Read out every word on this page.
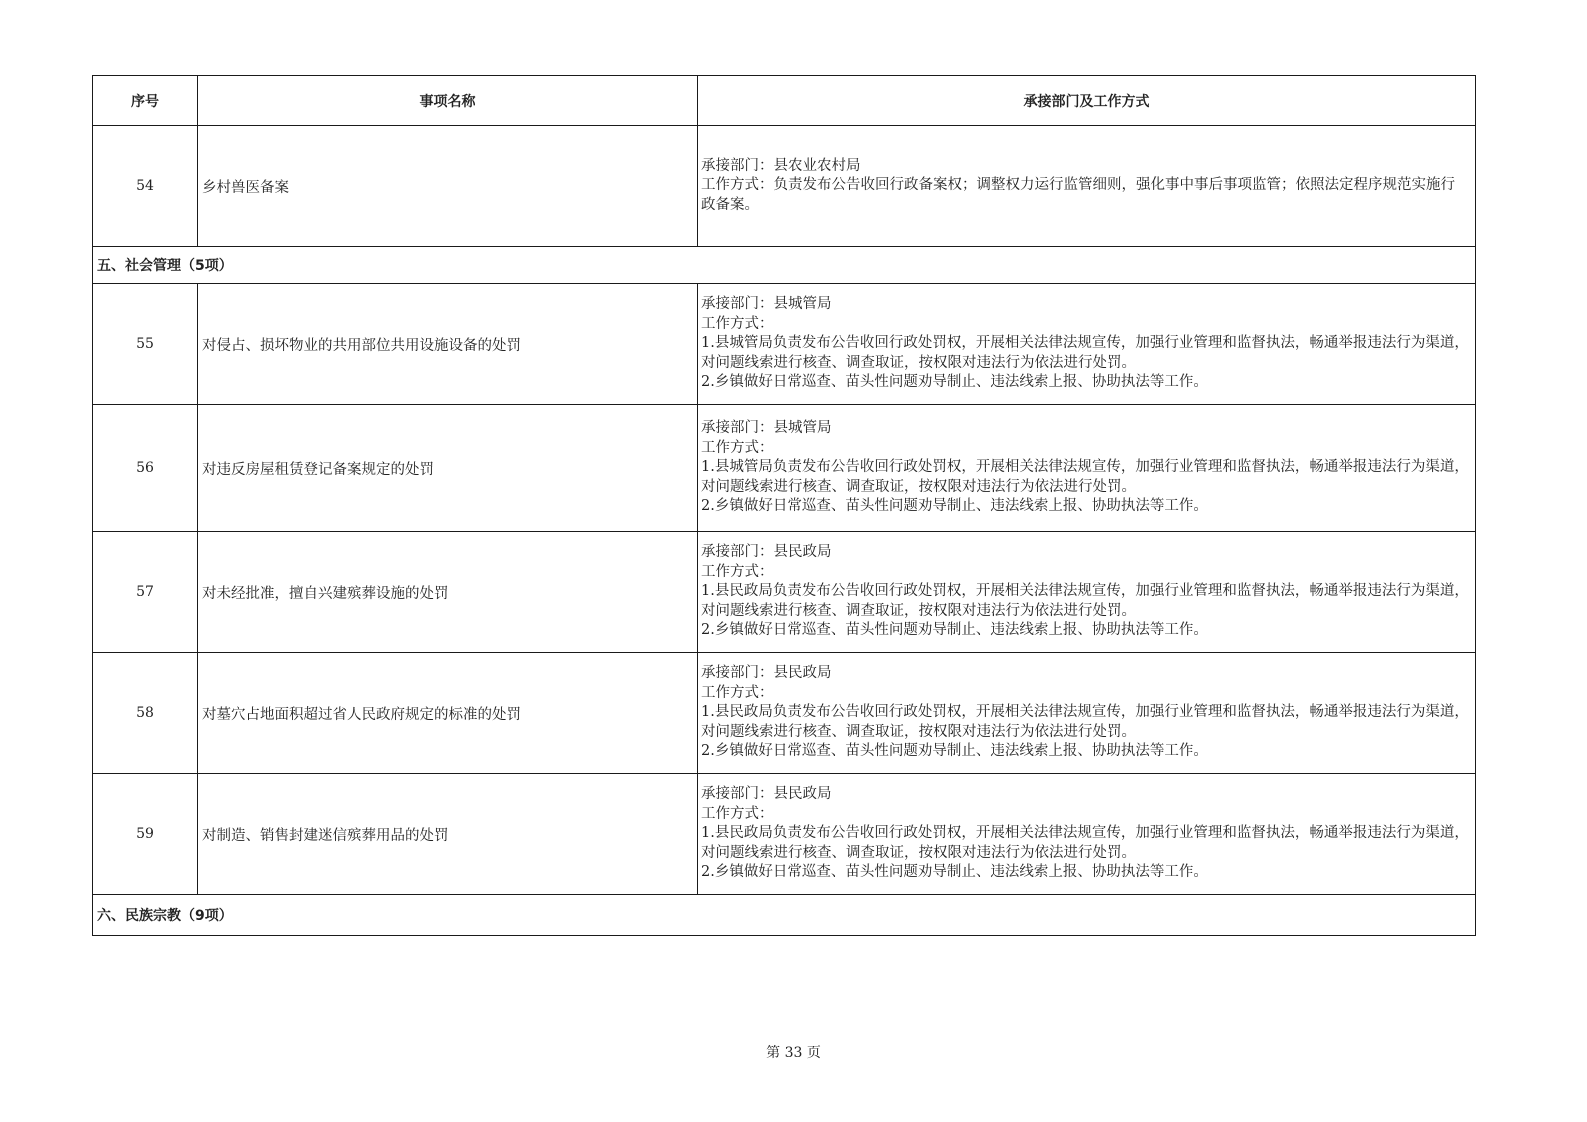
序号	事项名称	承接部门及工作方式
54	乡村兽医备案	承接部门：县农业农村局
工作方式：负责发布公告收回行政备案权；调整权力运行监管细则，强化事中事后事项监管；依照法定程序规范实施行政备案。

五、社会管理（5项）		
55	对侵占、损坏物业的共用部位共用设施设备的处罚	承接部门：县城管局
工作方式：
1.县城管局负责发布公告收回行政处罚权，开展相关法律法规宣传，加强行业管理和监督执法，畅通举报违法行为渠道，对问题线索进行核查、调查取证，按权限对违法行为依法进行处罚。
2.乡镇做好日常巡查、苗头性问题劝导制止、违法线索上报、协助执法等工作。

56	对违反房屋租赁登记备案规定的处罚	承接部门：县城管局
工作方式：
1.县城管局负责发布公告收回行政处罚权，开展相关法律法规宣传，加强行业管理和监督执法，畅通举报违法行为渠道，对问题线索进行核查、调查取证，按权限对违法行为依法进行处罚。
2.乡镇做好日常巡查、苗头性问题劝导制止、违法线索上报、协助执法等工作。

57	对未经批准，擅自兴建殡葬设施的处罚	承接部门：县民政局
工作方式：
1.县民政局负责发布公告收回行政处罚权，开展相关法律法规宣传，加强行业管理和监督执法，畅通举报违法行为渠道，对问题线索进行核查、调查取证，按权限对违法行为依法进行处罚。
2.乡镇做好日常巡查、苗头性问题劝导制止、违法线索上报、协助执法等工作。

58	对墓穴占地面积超过省人民政府规定的标准的处罚	承接部门：县民政局
工作方式：
1.县民政局负责发布公告收回行政处罚权，开展相关法律法规宣传，加强行业管理和监督执法，畅通举报违法行为渠道，对问题线索进行核查、调查取证，按权限对违法行为依法进行处罚。
2.乡镇做好日常巡查、苗头性问题劝导制止、违法线索上报、协助执法等工作。

59	对制造、销售封建迷信殡葬用品的处罚	承接部门：县民政局
工作方式：
1.县民政局负责发布公告收回行政处罚权，开展相关法律法规宣传，加强行业管理和监督执法，畅通举报违法行为渠道，对问题线索进行核查、调查取证，按权限对违法行为依法进行处罚。
2.乡镇做好日常巡查、苗头性问题劝导制止、违法线索上报、协助执法等工作。

六、民族宗教（9项）		
第 33 页
